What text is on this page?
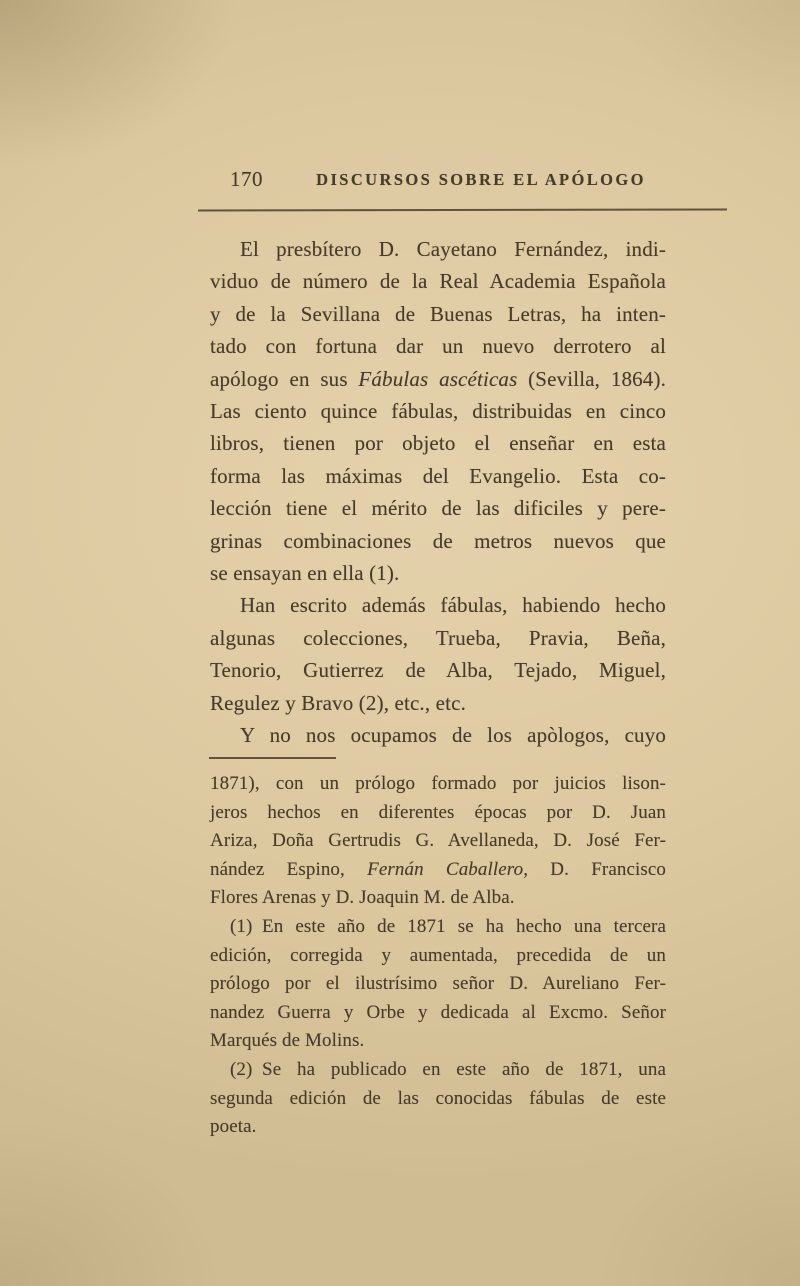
170	DISCURSOS SOBRE EL APÓLOGO
El presbítero D. Cayetano Fernández, indi-
viduo de número de la Real Academia Española
y de la Sevillana de Buenas Letras, ha inten-
tado con fortuna dar un nuevo derrotero al
apólogo en sus Fábulas ascéticas (Sevilla, 1864).
Las ciento quince fábulas, distribuidas en cinco
libros, tienen por objeto el enseñar en esta
forma las máximas del Evangelio. Esta co-
lección tiene el mérito de las dificiles y pere-
grinas combinaciones de metros nuevos que
se ensayan en ella (1).
Han escrito además fábulas, habiendo hecho
algunas colecciones, Trueba, Pravia, Beña,
Tenorio, Gutierrez de Alba, Tejado, Miguel,
Regulez y Bravo (2), etc., etc.
Y no nos ocupamos de los apòlogos, cuyo
1871), con un prólogo formado por juicios lison-
jeros hechos en diferentes épocas por D. Juan
Ariza, Doña Gertrudis G. Avellaneda, D. José Fer-
nández Espino, Fernán Caballero, D. Francisco
Flores Arenas y D. Joaquin M. de Alba.
(1) En este año de 1871 se ha hecho una tercera
edición, corregida y aumentada, precedida de un
prólogo por el ilustrísimo señor D. Aureliano Fer-
nandez Guerra y Orbe y dedicada al Excmo. Señor
Marqués de Molins.
(2) Se ha publicado en este año de 1871, una
segunda edición de las conocidas fábulas de este
poeta.
